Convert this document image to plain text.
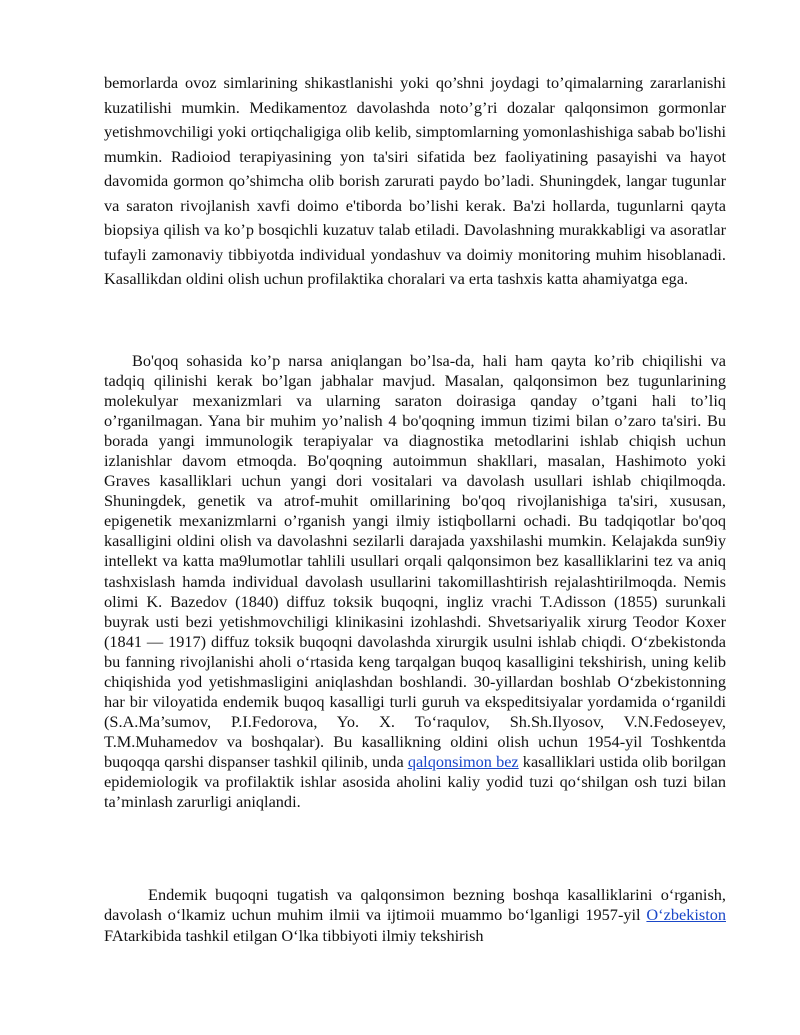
bemorlarda ovoz simlarining shikastlanishi yoki qo’shni joydagi to’qimalarning zararlanishi kuzatilishi mumkin. Medikamentoz davolashda noto’g’ri dozalar qalqonsimon gormonlar yetishmovchiligi yoki ortiqchaligiga olib kelib, simptomlarning yomonlashishiga sabab bo'lishi mumkin. Radioiod terapiyasining yon ta'siri sifatida bez faoliyatining pasayishi va hayot davomida gormon qo’shimcha olib borish zarurati paydo bo’ladi. Shuningdek, langar tugunlar va saraton rivojlanish xavfi doimo e'tiborda bo’lishi kerak. Ba'zi hollarda, tugunlarni qayta biopsiya qilish va ko’p bosqichli kuzatuv talab etiladi. Davolashning murakkabligi va asoratlar tufayli zamonaviy tibbiyotda individual yondashuv va doimiy monitoring muhim hisoblanadi. Kasallikdan oldini olish uchun profilaktika choralari va erta tashxis katta ahamiyatga ega.

Bo'qoq sohasida ko’p narsa aniqlangan bo’lsa-da, hali ham qayta ko’rib chiqilishi va tadqiq qilinishi kerak bo’lgan jabhalar mavjud. Masalan, qalqonsimon bez tugunlarining molekulyar mexanizmlari va ularning saraton doirasiga qanday o’tgani hali to’liq o’rganilmagan. Yana bir muhim yo’nalish 4 bo'qoqning immun tizimi bilan o’zaro ta'siri. Bu borada yangi immunologik terapiyalar va diagnostika metodlarini ishlab chiqish uchun izlanishlar davom etmoqda. Bo'qoqning autoimmun shakllari, masalan, Hashimoto yoki Graves kasalliklari uchun yangi dori vositalari va davolash usullari ishlab chiqilmoqda. Shuningdek, genetik va atrof-muhit omillarining bo'qoq rivojlanishiga ta'siri, xususan, epigenetik mexanizmlarni o’rganish yangi ilmiy istiqbollarni ochadi. Bu tadqiqotlar bo'qoq kasalligini oldini olish va davolashni sezilarli darajada yaxshilashi mumkin. Kelajakda sun9iy intellekt va katta ma9lumotlar tahlili usullari orqali qalqonsimon bez kasalliklarini tez va aniq tashxislash hamda individual davolash usullarini takomillashtirish rejalashtirilmoqda. Nemis olimi K. Bazedov (1840) diffuz toksik buqoqni, ingliz vrachi T.Adisson (1855) surunkali buyrak usti bezi yetishmovchiligi klinikasini izohlashdi. Shvetsariyalik xirurg Teodor Koxer (1841 — 1917) diffuz toksik buqoqni davolashda xirurgik usulni ishlab chiqdi. O‘zbekistonda bu fanning rivojlanishi aholi o‘rtasida keng tarqalgan buqoq kasalligini tekshirish, uning kelib chiqishida yod yetishmasligini aniqlashdan boshlandi. 30-yillardan boshlab O‘zbekistonning har bir viloyatida endemik buqoq kasalligi turli guruh va ekspeditsiyalar yordamida o‘rganildi (S.A.Ma’sumov, P.I.Fedorova, Yo. X. To‘raqulov, Sh.Sh.Ilyosov, V.N.Fedoseyev, T.M.Muhamedov va boshqalar). Bu kasallikning oldini olish uchun 1954-yil Toshkentda buqoqqa qarshi dispanser tashkil qilinib, unda qalqonsimon bez kasalliklari ustida olib borilgan epidemiologik va profilaktik ishlar asosida aholini kaliy yodid tuzi qo‘shilgan osh tuzi bilan ta’minlash zarurligi aniqlandi.

Endemik buqoqni tugatish va qalqonsimon bezning boshqa kasalliklarini o‘rganish, davolash o‘lkamiz uchun muhim ilmii va ijtimoii muammo bo‘lganligi 1957-yil O‘zbekiston FAtarkibida tashkil etilgan O‘lka tibbiyoti ilmiy tekshirish
